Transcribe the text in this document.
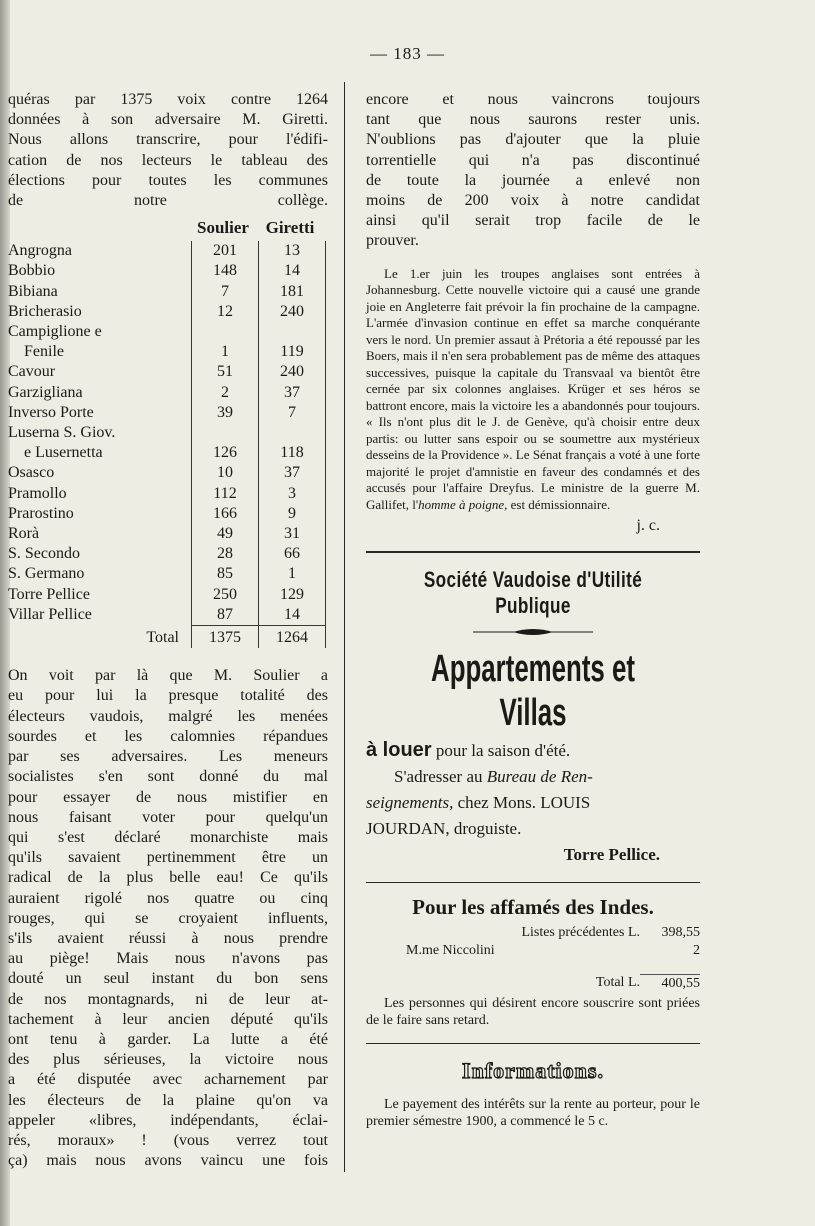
— 183 —
quéras par 1375 voix contre 1264
données à son adversaire M. Giretti.
Nous allons transcrire, pour l'édifi-
cation de nos lecteurs le tableau des
élections pour toutes les communes
de notre collège.
	Soulier	Giretti
Angrogna	201	13
Bobbio	148	14
Bibiana	7	181
Bricherasio	12	240
Campiglione e		
Fenile	1	119
Cavour	51	240
Garzigliana	2	37
Inverso Porte	39	7
Luserna S. Giov.		
e Lusernetta	126	118
Osasco	10	37
Pramollo	112	3
Prarostino	166	9
Rorà	49	31
S. Secondo	28	66
S. Germano	85	1
Torre Pellice	250	129
Villar Pellice	87	14
Total	1375	1264
On voit par là que M. Soulier a
eu pour lui la presque totalité des
électeurs vaudois, malgré les menées
sourdes et les calomnies répandues
par ses adversaires. Les meneurs
socialistes s'en sont donné du mal
pour essayer de nous mistifier en
nous faisant voter pour quelqu'un
qui s'est déclaré monarchiste mais
qu'ils savaient pertinemment être un
radical de la plus belle eau! Ce qu'ils
auraient rigolé nos quatre ou cinq
rouges, qui se croyaient influents,
s'ils avaient réussi à nous prendre
au piège! Mais nous n'avons pas
douté un seul instant du bon sens
de nos montagnards, ni de leur at-
tachement à leur ancien député qu'ils
ont tenu à garder. La lutte a été
des plus sérieuses, la victoire nous
a été disputée avec acharnement par
les électeurs de la plaine qu'on va
appeler «libres, indépendants, éclai-
rés, moraux» ! (vous verrez tout
ça) mais nous avons vaincu une fois
encore et nous vaincrons toujours
tant que nous saurons rester unis.
N'oublions pas d'ajouter que la pluie
torrentielle qui n'a pas discontinué
de toute la journée a enlevé non
moins de 200 voix à notre candidat
ainsi qu'il serait trop facile de le
prouver.

Le 1.er juin les troupes anglaises sont entrées à Johannesburg. Cette nouvelle victoire qui a causé une grande joie en Angleterre fait prévoir la fin prochaine de la campagne. L'armée d'invasion continue en effet sa marche conquérante vers le nord. Un premier assaut à Prétoria a été repoussé par les Boers, mais il n'en sera probablement pas de même des attaques successives, puisque la capitale du Transvaal va bientôt être cernée par six colonnes anglaises. Krüger et ses héros se battront encore, mais la victoire les a abandonnés pour toujours. « Ils n'ont plus dit le J. de Genève, qu'à choisir entre deux partis: ou lutter sans espoir ou se soumettre aux mystérieux desseins de la Providence ». Le Sénat français a voté à une forte majorité le projet d'amnistie en faveur des condamnés et des accusés pour l'affaire Dreyfus. Le ministre de la guerre M. Gallifet, l'homme à poigne, est démissionnaire.

j. c.

Société Vaudoise d'Utilité Publique

Appartements et Villas

à louer pour la saison d'été.

S'adresser au Bureau de Ren-

seignements, chez Mons. LOUIS

JOURDAN, droguiste.

Torre Pellice.

Pour les affamés des Indes.

Listes précédentes L.	398,55
M.me Niccolini	2
Total L.	400,55

Les personnes qui désirent encore souscrire sont priées de le faire sans retard.

Informations.

Le payement des intérêts sur la rente au porteur, pour le premier sémestre 1900, a commencé le 5 c.
